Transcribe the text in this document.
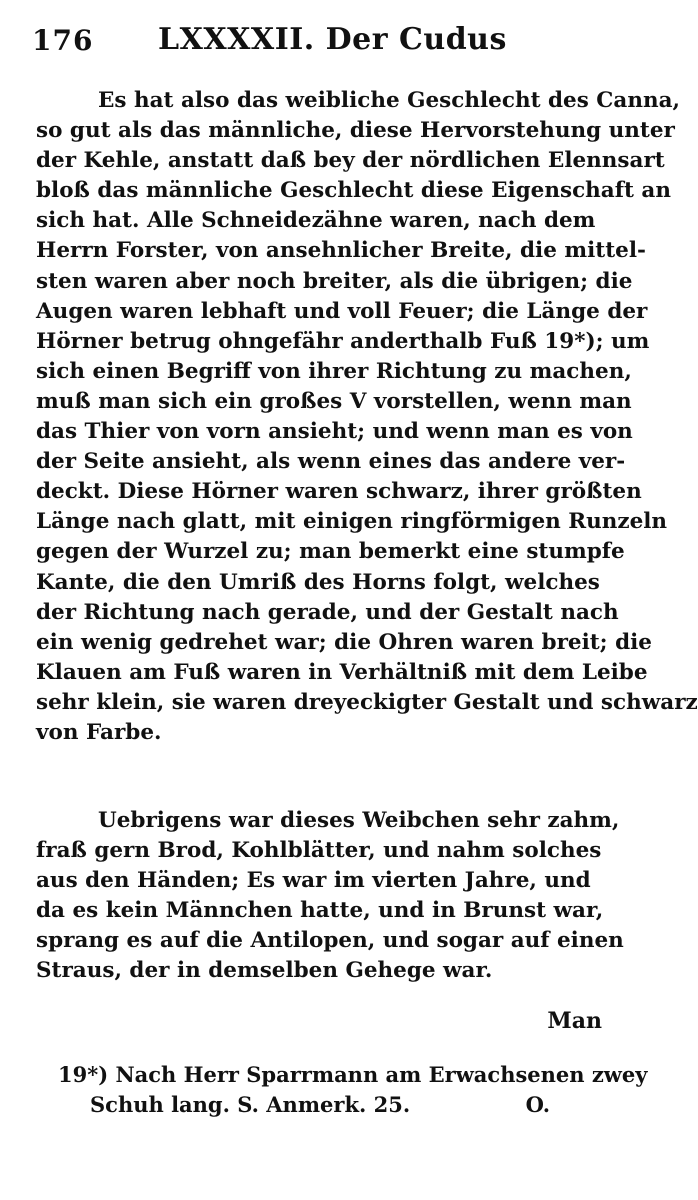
176 LXXXXII. Der Cudus
Es hat also das weibliche Geschlecht des Canna,
so gut als das männliche, diese Hervorstehung unter
der Kehle, anstatt daß bey der nördlichen Elennsart
bloß das männliche Geschlecht diese Eigenschaft an
sich hat. Alle Schneidezähne waren, nach dem
Herrn Forster, von ansehnlicher Breite, die mittel-
sten waren aber noch breiter, als die übrigen; die
Augen waren lebhaft und voll Feuer; die Länge der
Hörner betrug ohngefähr anderthalb Fuß 19*); um
sich einen Begriff von ihrer Richtung zu machen,
muß man sich ein großes V vorstellen, wenn man
das Thier von vorn ansieht; und wenn man es von
der Seite ansieht, als wenn eines das andere ver-
deckt. Diese Hörner waren schwarz, ihrer größten
Länge nach glatt, mit einigen ringförmigen Runzeln
gegen der Wurzel zu; man bemerkt eine stumpfe
Kante, die den Umriß des Horns folgt, welches
der Richtung nach gerade, und der Gestalt nach
ein wenig gedrehet war; die Ohren waren breit; die
Klauen am Fuß waren in Verhältniß mit dem Leibe
sehr klein, sie waren dreyeckigter Gestalt und schwarz
von Farbe.
Uebrigens war dieses Weibchen sehr zahm,
fraß gern Brod, Kohlblätter, und nahm solches
aus den Händen; Es war im vierten Jahre, und
da es kein Männchen hatte, und in Brunst war,
sprang es auf die Antilopen, und sogar auf einen
Straus, der in demselben Gehege war.
Man
19*) Nach Herr Sparrmann am Erwachsenen zwey
Schuh lang. S. Anmerk. 25.	O.
